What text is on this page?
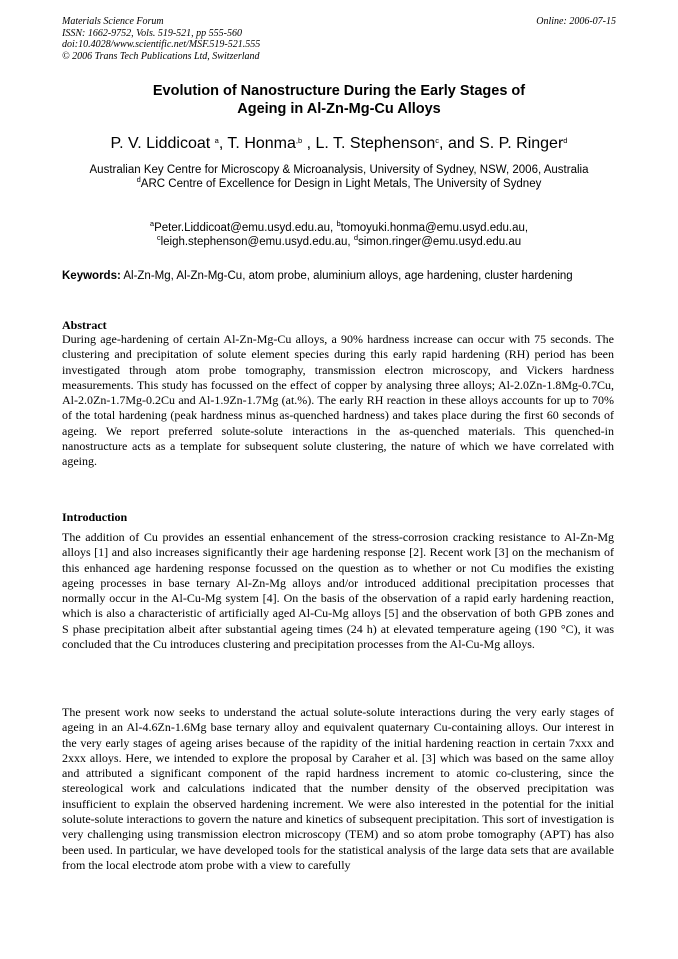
Materials Science Forum
ISSN: 1662-9752, Vols. 519-521, pp 555-560
doi:10.4028/www.scientific.net/MSF.519-521.555
© 2006 Trans Tech Publications Ltd, Switzerland
Online: 2006-07-15
Evolution of Nanostructure During the Early Stages of
Ageing in Al-Zn-Mg-Cu Alloys
P. V. Liddicoat $^a$, T. Honma$^{,b}$ , L. T. Stephenson$^c$, and S. P. Ringer$^d$
Australian Key Centre for Microscopy & Microanalysis, University of Sydney, NSW, 2006, Australia
$^d$ARC Centre of Excellence for Design in Light Metals, The University of Sydney
$^a$Peter.Liddicoat@emu.usyd.edu.au, $^b$tomoyuki.honma@emu.usyd.edu.au,
$^c$leigh.stephenson@emu.usyd.edu.au, $^d$simon.ringer@emu.usyd.edu.au
Keywords: Al-Zn-Mg, Al-Zn-Mg-Cu, atom probe, aluminium alloys, age hardening, cluster hardening
Abstract
During age-hardening of certain Al-Zn-Mg-Cu alloys, a 90% hardness increase can occur with 75 seconds. The clustering and precipitation of solute element species during this early rapid hardening (RH) period has been investigated through atom probe tomography, transmission electron microscopy, and Vickers hardness measurements. This study has focussed on the effect of copper by analysing three alloys; Al-2.0Zn-1.8Mg-0.7Cu, Al-2.0Zn-1.7Mg-0.2Cu and Al-1.9Zn-1.7Mg (at.%). The early RH reaction in these alloys accounts for up to 70% of the total hardening (peak hardness minus as-quenched hardness) and takes place during the first 60 seconds of ageing. We report preferred solute-solute interactions in the as-quenched materials. This quenched-in nanostructure acts as a template for subsequent solute clustering, the nature of which we have correlated with ageing.
Introduction
The addition of Cu provides an essential enhancement of the stress-corrosion cracking resistance to Al-Zn-Mg alloys [1] and also increases significantly their age hardening response [2]. Recent work [3] on the mechanism of this enhanced age hardening response focussed on the question as to whether or not Cu modifies the existing ageing processes in base ternary Al-Zn-Mg alloys and/or introduced additional precipitation processes that normally occur in the Al-Cu-Mg system [4]. On the basis of the observation of a rapid early hardening reaction, which is also a characteristic of artificially aged Al-Cu-Mg alloys [5] and the observation of both GPB zones and S phase precipitation albeit after substantial ageing times (24 h) at elevated temperature ageing (190 °C), it was concluded that the Cu introduces clustering and precipitation processes from the Al-Cu-Mg alloys.
The present work now seeks to understand the actual solute-solute interactions during the very early stages of ageing in an Al-4.6Zn-1.6Mg base ternary alloy and equivalent quaternary Cu-containing alloys. Our interest in the very early stages of ageing arises because of the rapidity of the initial hardening reaction in certain 7xxx and 2xxx alloys. Here, we intended to explore the proposal by Caraher et al. [3] which was based on the same alloy and attributed a significant component of the rapid hardness increment to atomic co-clustering, since the stereological work and calculations indicated that the number density of the observed precipitation was insufficient to explain the observed hardening increment. We were also interested in the potential for the initial solute-solute interactions to govern the nature and kinetics of subsequent precipitation. This sort of investigation is very challenging using transmission electron microscopy (TEM) and so atom probe tomography (APT) has also been used. In particular, we have developed tools for the statistical analysis of the large data sets that are available from the local electrode atom probe with a view to carefully
